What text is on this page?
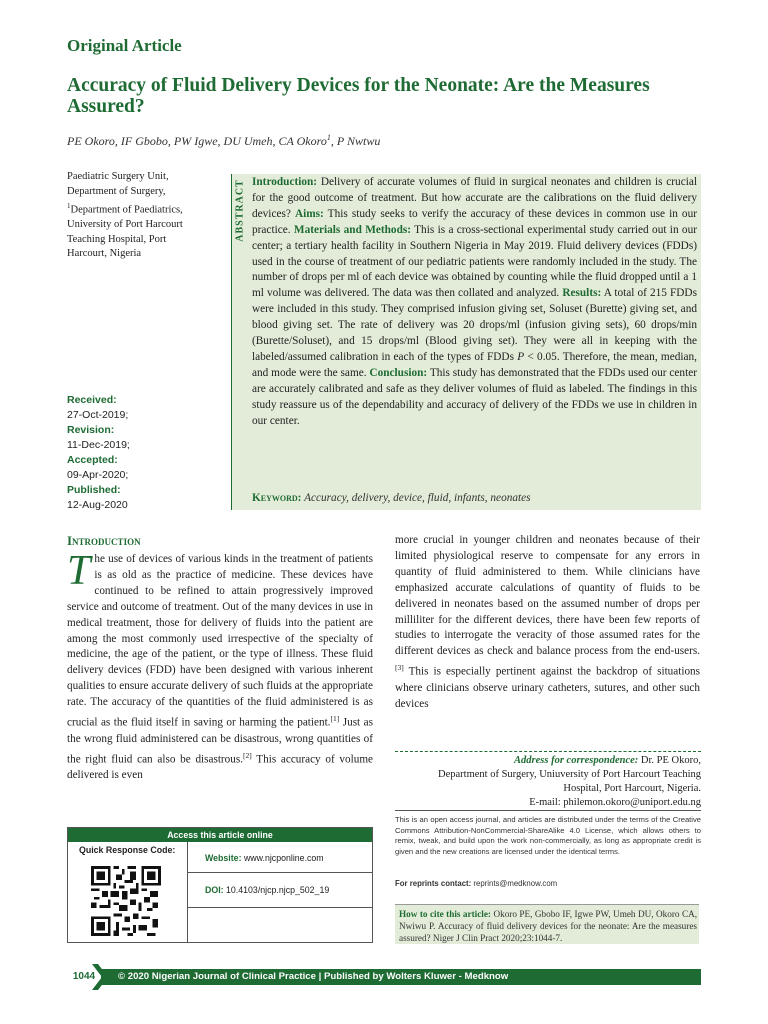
Original Article
Accuracy of Fluid Delivery Devices for the Neonate: Are the Measures Assured?
PE Okoro, IF Gbobo, PW Igwe, DU Umeh, CA Okoro$^1$, P Nwtwu
Paediatric Surgery Unit,
Department of Surgery,
$^1$Department of Paediatrics,
University of Port Harcourt
Teaching Hospital, Port
Harcourt, Nigeria
Received:
27-Oct-2019;
Revision:
11-Dec-2019;
Accepted:
09-Apr-2020;
Published:
12-Aug-2020
ABSTRACT Introduction: Delivery of accurate volumes of fluid in surgical neonates and children is crucial for the good outcome of treatment. But how accurate are the calibrations on the fluid delivery devices? Aims: This study seeks to verify the accuracy of these devices in common use in our practice. Materials and Methods: This is a cross-sectional experimental study carried out in our center; a tertiary health facility in Southern Nigeria in May 2019. Fluid delivery devices (FDDs) used in the course of treatment of our pediatric patients were randomly included in the study. The number of drops per ml of each device was obtained by counting while the fluid dropped until a 1 ml volume was delivered. The data was then collated and analyzed. Results: A total of 215 FDDs were included in this study. They comprised infusion giving set, Soluset (Burette) giving set, and blood giving set. The rate of delivery was 20 drops/ml (infusion giving sets), 60 drops/min (Burette/Soluset), and 15 drops/ml (Blood giving set). They were all in keeping with the labeled/assumed calibration in each of the types of FDDs P < 0.05. Therefore, the mean, median, and mode were the same. Conclusion: This study has demonstrated that the FDDs used our center are accurately calibrated and safe as they deliver volumes of fluid as labeled. The findings in this study reassure us of the dependability and accuracy of delivery of the FDDs we use in children in our center.
Keyword: Accuracy, delivery, device, fluid, infants, neonates
Introduction
The use of devices of various kinds in the treatment of patients is as old as the practice of medicine. These devices have continued to be refined to attain progressively improved service and outcome of treatment. Out of the many devices in use in medical treatment, those for delivery of fluids into the patient are among the most commonly used irrespective of the specialty of medicine, the age of the patient, or the type of illness. These fluid delivery devices (FDD) have been designed with various inherent qualities to ensure accurate delivery of such fluids at the appropriate rate. The accuracy of the quantities of the fluid administered is as crucial as the fluid itself in saving or harming the patient.[1] Just as the wrong fluid administered can be disastrous, wrong quantities of the right fluid can also be disastrous.[2] This accuracy of volume delivered is even
more crucial in younger children and neonates because of their limited physiological reserve to compensate for any errors in quantity of fluid administered to them. While clinicians have emphasized accurate calculations of quantity of fluids to be delivered in neonates based on the assumed number of drops per milliliter for the different devices, there have been few reports of studies to interrogate the veracity of those assumed rates for the different devices as check and balance process from the end-users.[3] This is especially pertinent against the backdrop of situations where clinicians observe urinary catheters, sutures, and other such devices
Address for correspondence: Dr. PE Okoro,
Department of Surgery, Uniuversity of Port Harcourt Teaching
Hospital, Port Harcourt, Nigeria.
E-mail: philemon.okoro@uniport.edu.ng
This is an open access journal, and articles are distributed under the terms of the Creative Commons Attribution-NonCommercial-ShareAlike 4.0 License, which allows others to remix, tweak, and build upon the work non-commercially, as long as appropriate credit is given and the new creations are licensed under the identical terms.
For reprints contact: reprints@medknow.com
How to cite this article: Okoro PE, Gbobo IF, Igwe PW, Umeh DU, Okoro CA, Nwiwu P. Accuracy of fluid delivery devices for the neonate: Are the measures assured? Niger J Clin Pract 2020;23:1044-7.
Access this article online
Quick Response Code:
Website: www.njcponline.com
DOI: 10.4103/njcp.njcp_502_19
1044	© 2020 Nigerian Journal of Clinical Practice | Published by Wolters Kluwer - Medknow
